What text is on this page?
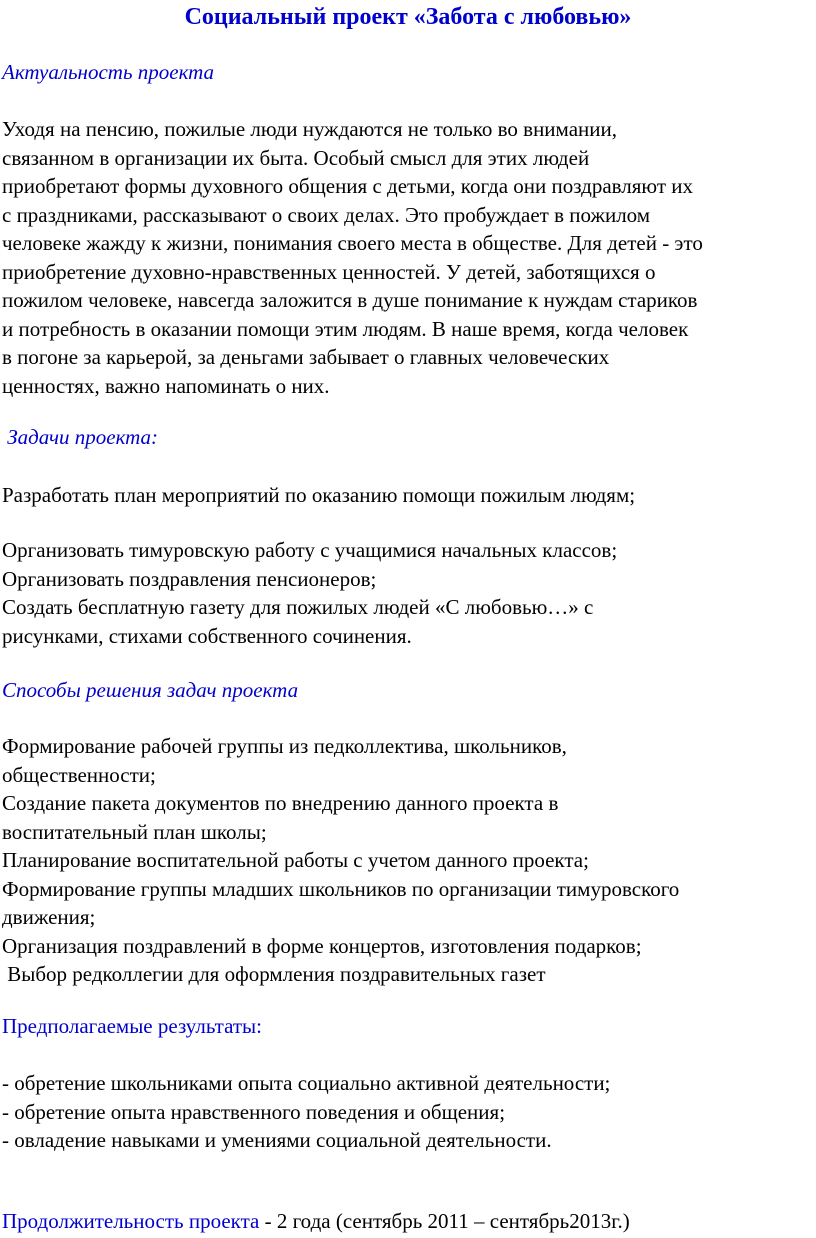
Социальный проект «Забота с любовью»
Актуальность проекта
Уходя на пенсию, пожилые люди нуждаются не только во внимании,
связанном в организации их быта. Особый смысл для этих людей
приобретают формы духовного общения с детьми, когда они поздравляют их
с праздниками, рассказывают о своих делах. Это пробуждает в пожилом
человеке жажду к жизни, понимания своего места в обществе. Для детей - это
приобретение духовно-нравственных ценностей. У детей, заботящихся о
пожилом человеке, навсегда заложится в душе понимание к нуждам стариков
и потребность в оказании помощи этим людям. В наше время, когда человек
в погоне за карьерой, за деньгами забывает о главных человеческих
ценностях, важно напоминать о них.
Задачи проекта:
Разработать план мероприятий по оказанию помощи пожилым людям;
Организовать тимуровскую работу с учащимися начальных классов;
Организовать поздравления пенсионеров;
Создать бесплатную газету для пожилых людей «С любовью…» с
рисунками, стихами собственного сочинения.
Способы решения задач проекта
Формирование рабочей группы из педколлектива, школьников,
общественности;
Создание пакета документов по внедрению данного проекта в
воспитательный план школы;
Планирование воспитательной работы с учетом данного проекта;
Формирование группы младших школьников по организации тимуровского
движения;
Организация поздравлений в форме концертов, изготовления подарков;
Выбор редколлегии для оформления поздравительных газет
Предполагаемые результаты:
- обретение школьниками опыта социально активной деятельности;
- обретение опыта нравственного поведения и общения;
- овладение навыками и умениями социальной деятельности.
Продолжительность проекта - 2 года (сентябрь 2011 – сентябрь2013г.)
